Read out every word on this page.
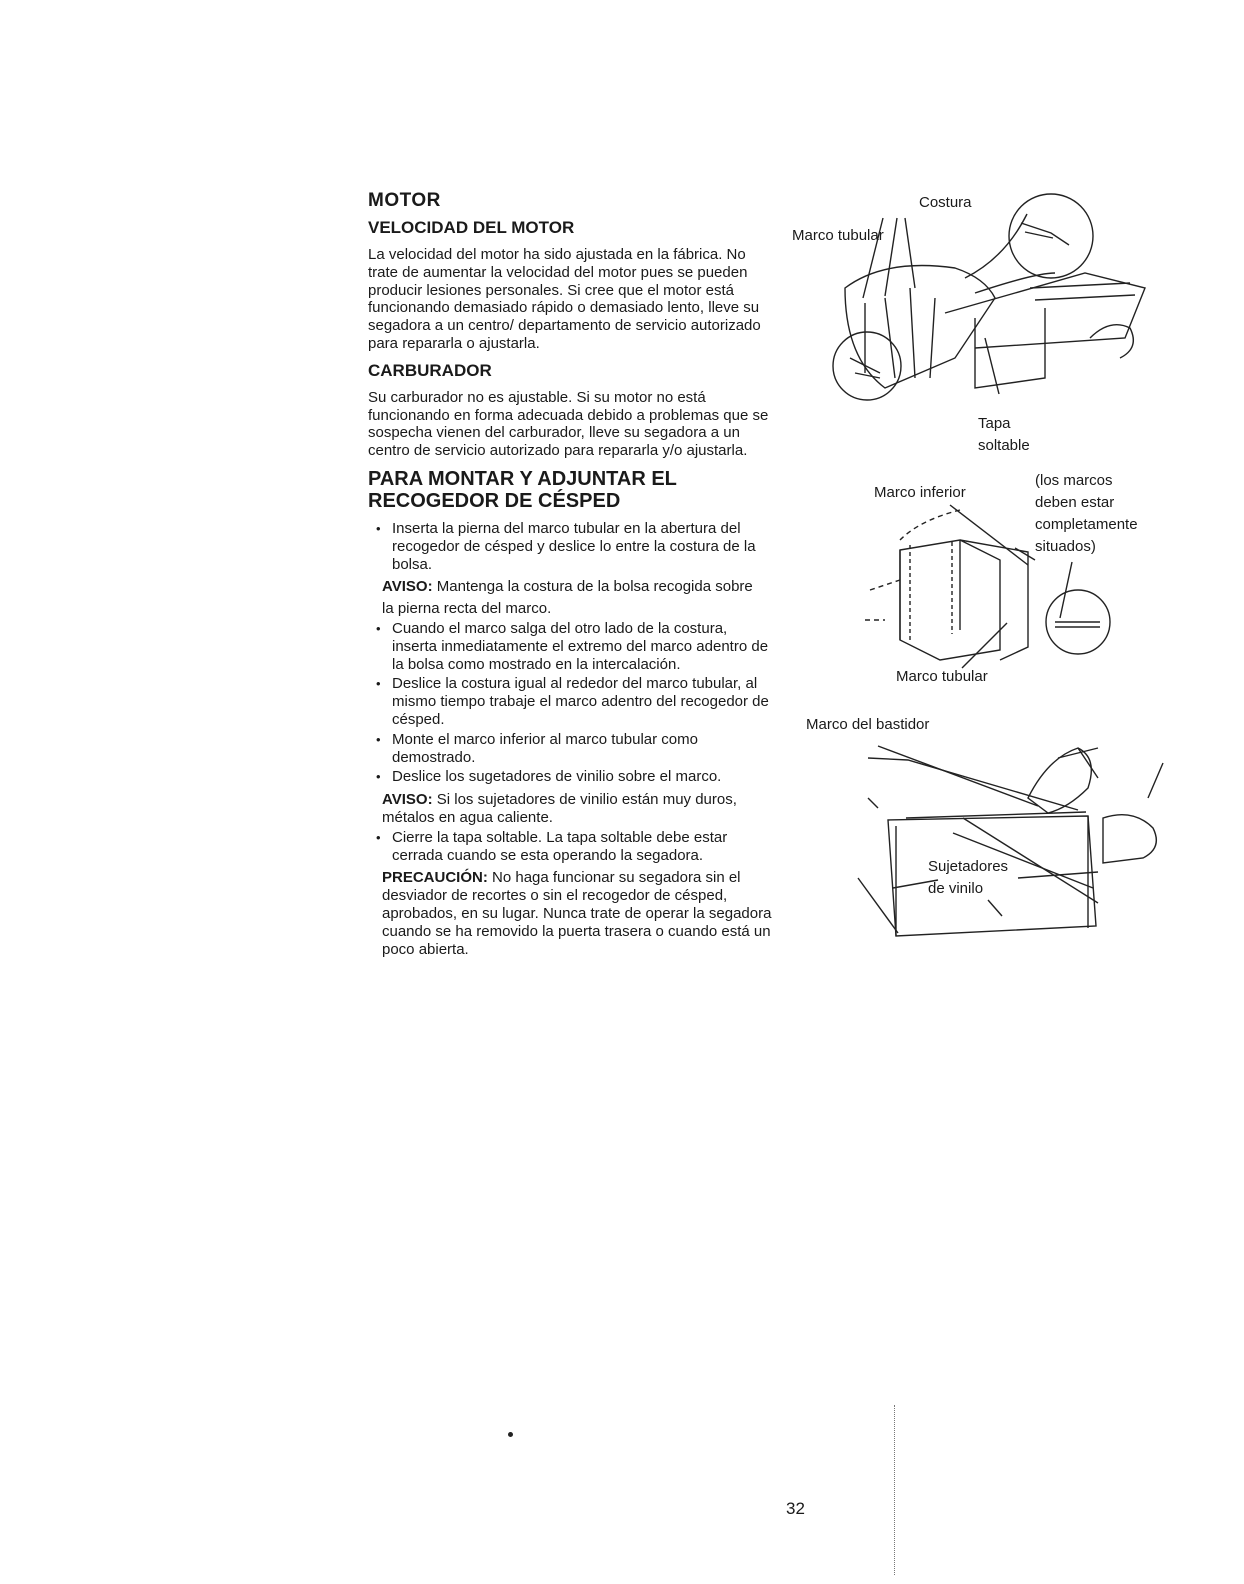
MOTOR
VELOCIDAD DEL MOTOR

La velocidad del motor ha sido ajustada en la fábrica. No trate de aumentar la velocidad del motor pues se pueden producir lesiones personales. Si cree que el motor está funcionando demasiado rápido o demasiado lento, lleve su segadora a un centro/ departamento de servicio autorizado para repararla o ajustarla.

CARBURADOR

Su carburador no es ajustable. Si su motor no está funcionando en forma adecuada debido a problemas que se sospecha vienen del carburador, lleve su segadora a un centro de servicio autorizado para repararla y/o ajustarla.

PARA MONTAR Y ADJUNTAR EL RECOGEDOR DE CÉSPED
• Inserta la pierna del marco tubular en la abertura del recogedor de césped y deslice lo entre la costura de la bolsa.

AVISO: Mantenga la costura de la bolsa recogida sobre

la pierna recta del marco.

• Cuando el marco salga del otro lado de la costura, inserta inmediatamente el extremo del marco adentro de la bolsa como mostrado en la intercalación.
• Deslice la costura igual al rededor del marco tubular, al mismo tiempo trabaje el marco adentro del recogedor de césped.
• Monte el marco inferior al marco tubular como demostrado.
• Deslice los sugetadores de vinilio sobre el marco.

AVISO: Si los sujetadores de vinilio están muy duros, métalos en agua caliente.

• Cierre la tapa soltable. La tapa soltable debe estar cerrada cuando se esta operando la segadora.

PRECAUCIÓN: No haga funcionar su segadora sin el desviador de recortes o sin el recogedor de césped, aprobados, en su lugar. Nunca trate de operar la segadora cuando se ha removido la puerta trasera o cuando está un poco abierta.

Costura
Marco tubular
Tapa
soltable
Marco inferior
(los marcos
deben estar
completamente
situados)
Marco tubular
Marco del bastidor
Sujetadores
de vinilo
32
